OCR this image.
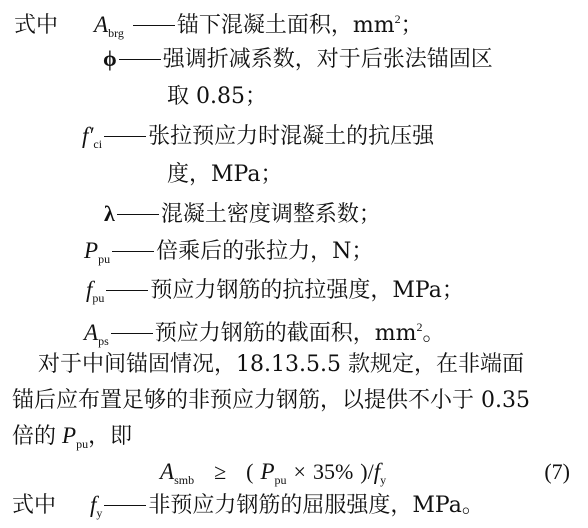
式中 $A_{brg}$ 锚下混凝土面积，$mm^2$；
ϕ 强调折减系数，对于后张法锚固区
取 0.85；
$f'_{ci}$ 张拉预应力时混凝土的抗压强
度，MPa；
λ 混凝土密度调整系数；
$P_{pu}$ 倍乘后的张拉力，N；
$f_{pu}$ 预应力钢筋的抗拉强度，MPa；
$A_{ps}$ 预应力钢筋的截面积，$mm^2$。
对于中间锚固情况，18.13.5.5 款规定，在非端面
锚后应布置足够的非预应力钢筋，以提供不小于 0.35
倍的 $P_{pu}$，即
$A_{smb}$ ≥ ( $P_{pu} \times 35\%$ )$/f_y$	(7)
式中 $f_y$ 非预应力钢筋的屈服强度，MPa。
